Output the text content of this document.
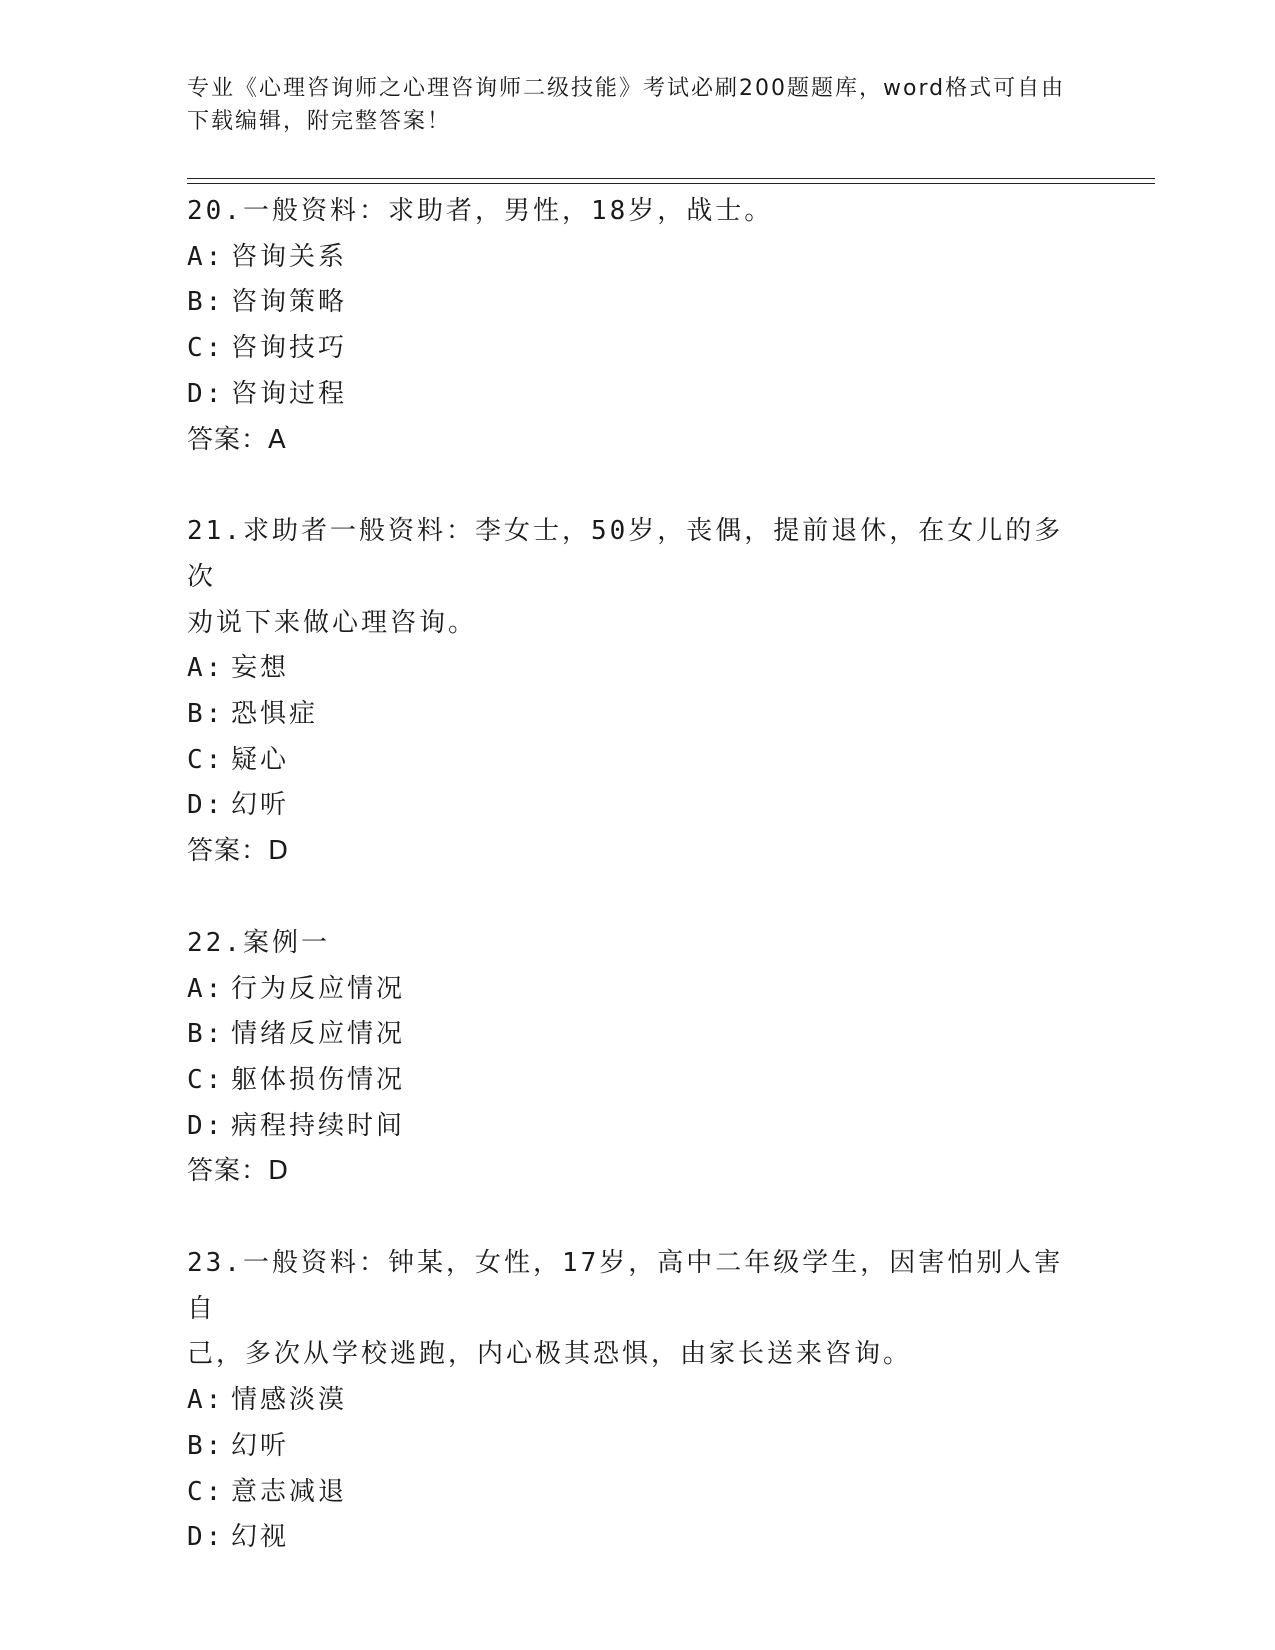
专业《心理咨询师之心理咨询师二级技能》考试必刷200题题库，word格式可自由下载编辑，附完整答案！
20.一般资料：求助者，男性，18岁，战士。
A: 咨询关系
B: 咨询策略
C: 咨询技巧
D: 咨询过程
答案：A
21.求助者一般资料：李女士，50岁，丧偶，提前退休，在女儿的多次
劝说下来做心理咨询。
A: 妄想
B: 恐惧症
C: 疑心
D: 幻听
答案：D
22.案例一
A: 行为反应情况
B: 情绪反应情况
C: 躯体损伤情况
D: 病程持续时间
答案：D
23.一般资料：钟某，女性，17岁，高中二年级学生，因害怕别人害自
己，多次从学校逃跑，内心极其恐惧，由家长送来咨询。
A: 情感淡漠
B: 幻听
C: 意志减退
D: 幻视
